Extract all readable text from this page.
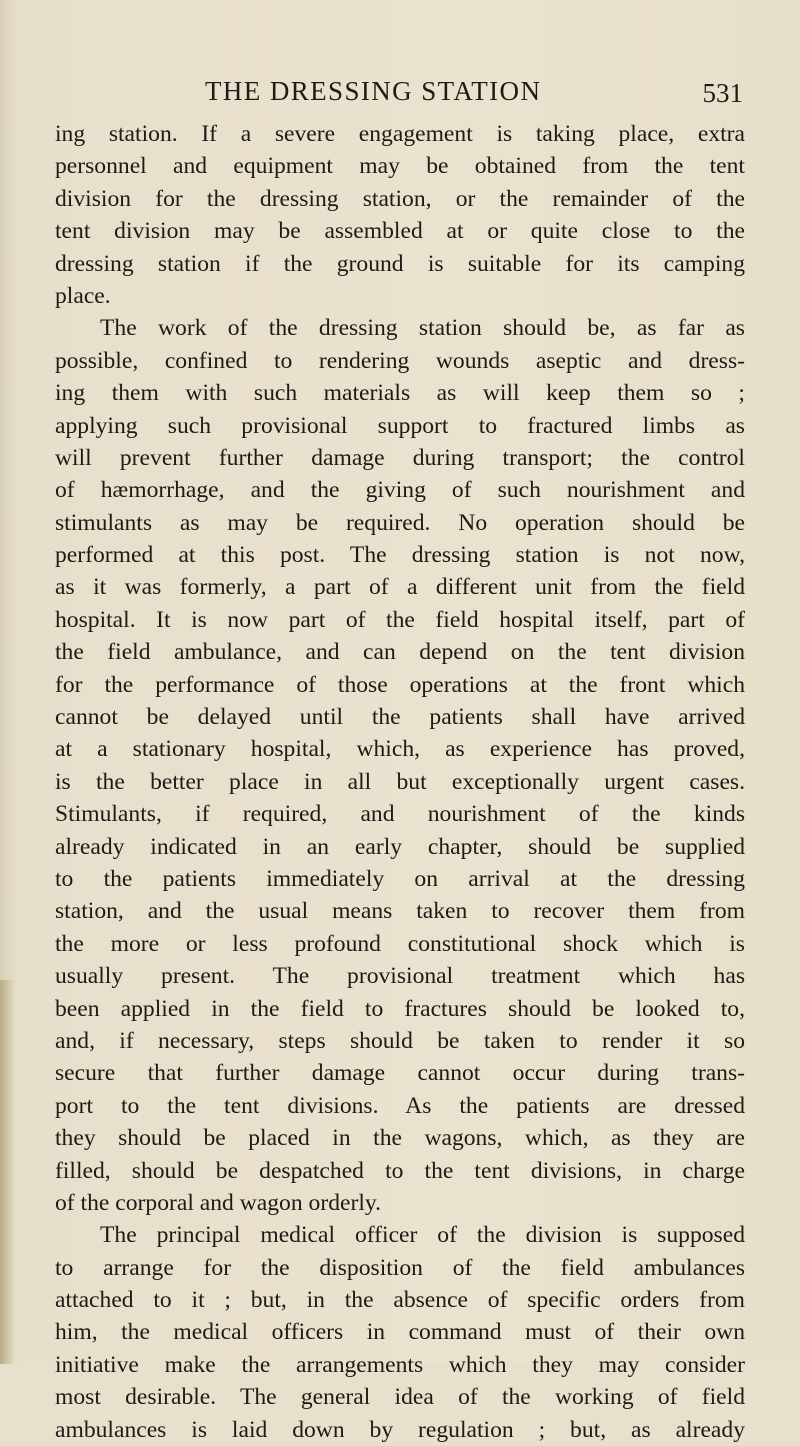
THE DRESSING STATION	531
ing station. If a severe engagement is taking place, extra
personnel and equipment may be obtained from the tent
division for the dressing station, or the remainder of the
tent division may be assembled at or quite close to the
dressing station if the ground is suitable for its camping
place.
The work of the dressing station should be, as far as
possible, confined to rendering wounds aseptic and dress-
ing them with such materials as will keep them so ;
applying such provisional support to fractured limbs as
will prevent further damage during transport; the control
of hæmorrhage, and the giving of such nourishment and
stimulants as may be required. No operation should be
performed at this post. The dressing station is not now,
as it was formerly, a part of a different unit from the field
hospital. It is now part of the field hospital itself, part of
the field ambulance, and can depend on the tent division
for the performance of those operations at the front which
cannot be delayed until the patients shall have arrived
at a stationary hospital, which, as experience has proved,
is the better place in all but exceptionally urgent cases.
Stimulants, if required, and nourishment of the kinds
already indicated in an early chapter, should be supplied
to the patients immediately on arrival at the dressing
station, and the usual means taken to recover them from
the more or less profound constitutional shock which is
usually present. The provisional treatment which has
been applied in the field to fractures should be looked to,
and, if necessary, steps should be taken to render it so
secure that further damage cannot occur during trans-
port to the tent divisions. As the patients are dressed
they should be placed in the wagons, which, as they are
filled, should be despatched to the tent divisions, in charge
of the corporal and wagon orderly.
The principal medical officer of the division is supposed
to arrange for the disposition of the field ambulances
attached to it ; but, in the absence of specific orders from
him, the medical officers in command must of their own
initiative make the arrangements which they may consider
most desirable. The general idea of the working of field
ambulances is laid down by regulation ; but, as already
